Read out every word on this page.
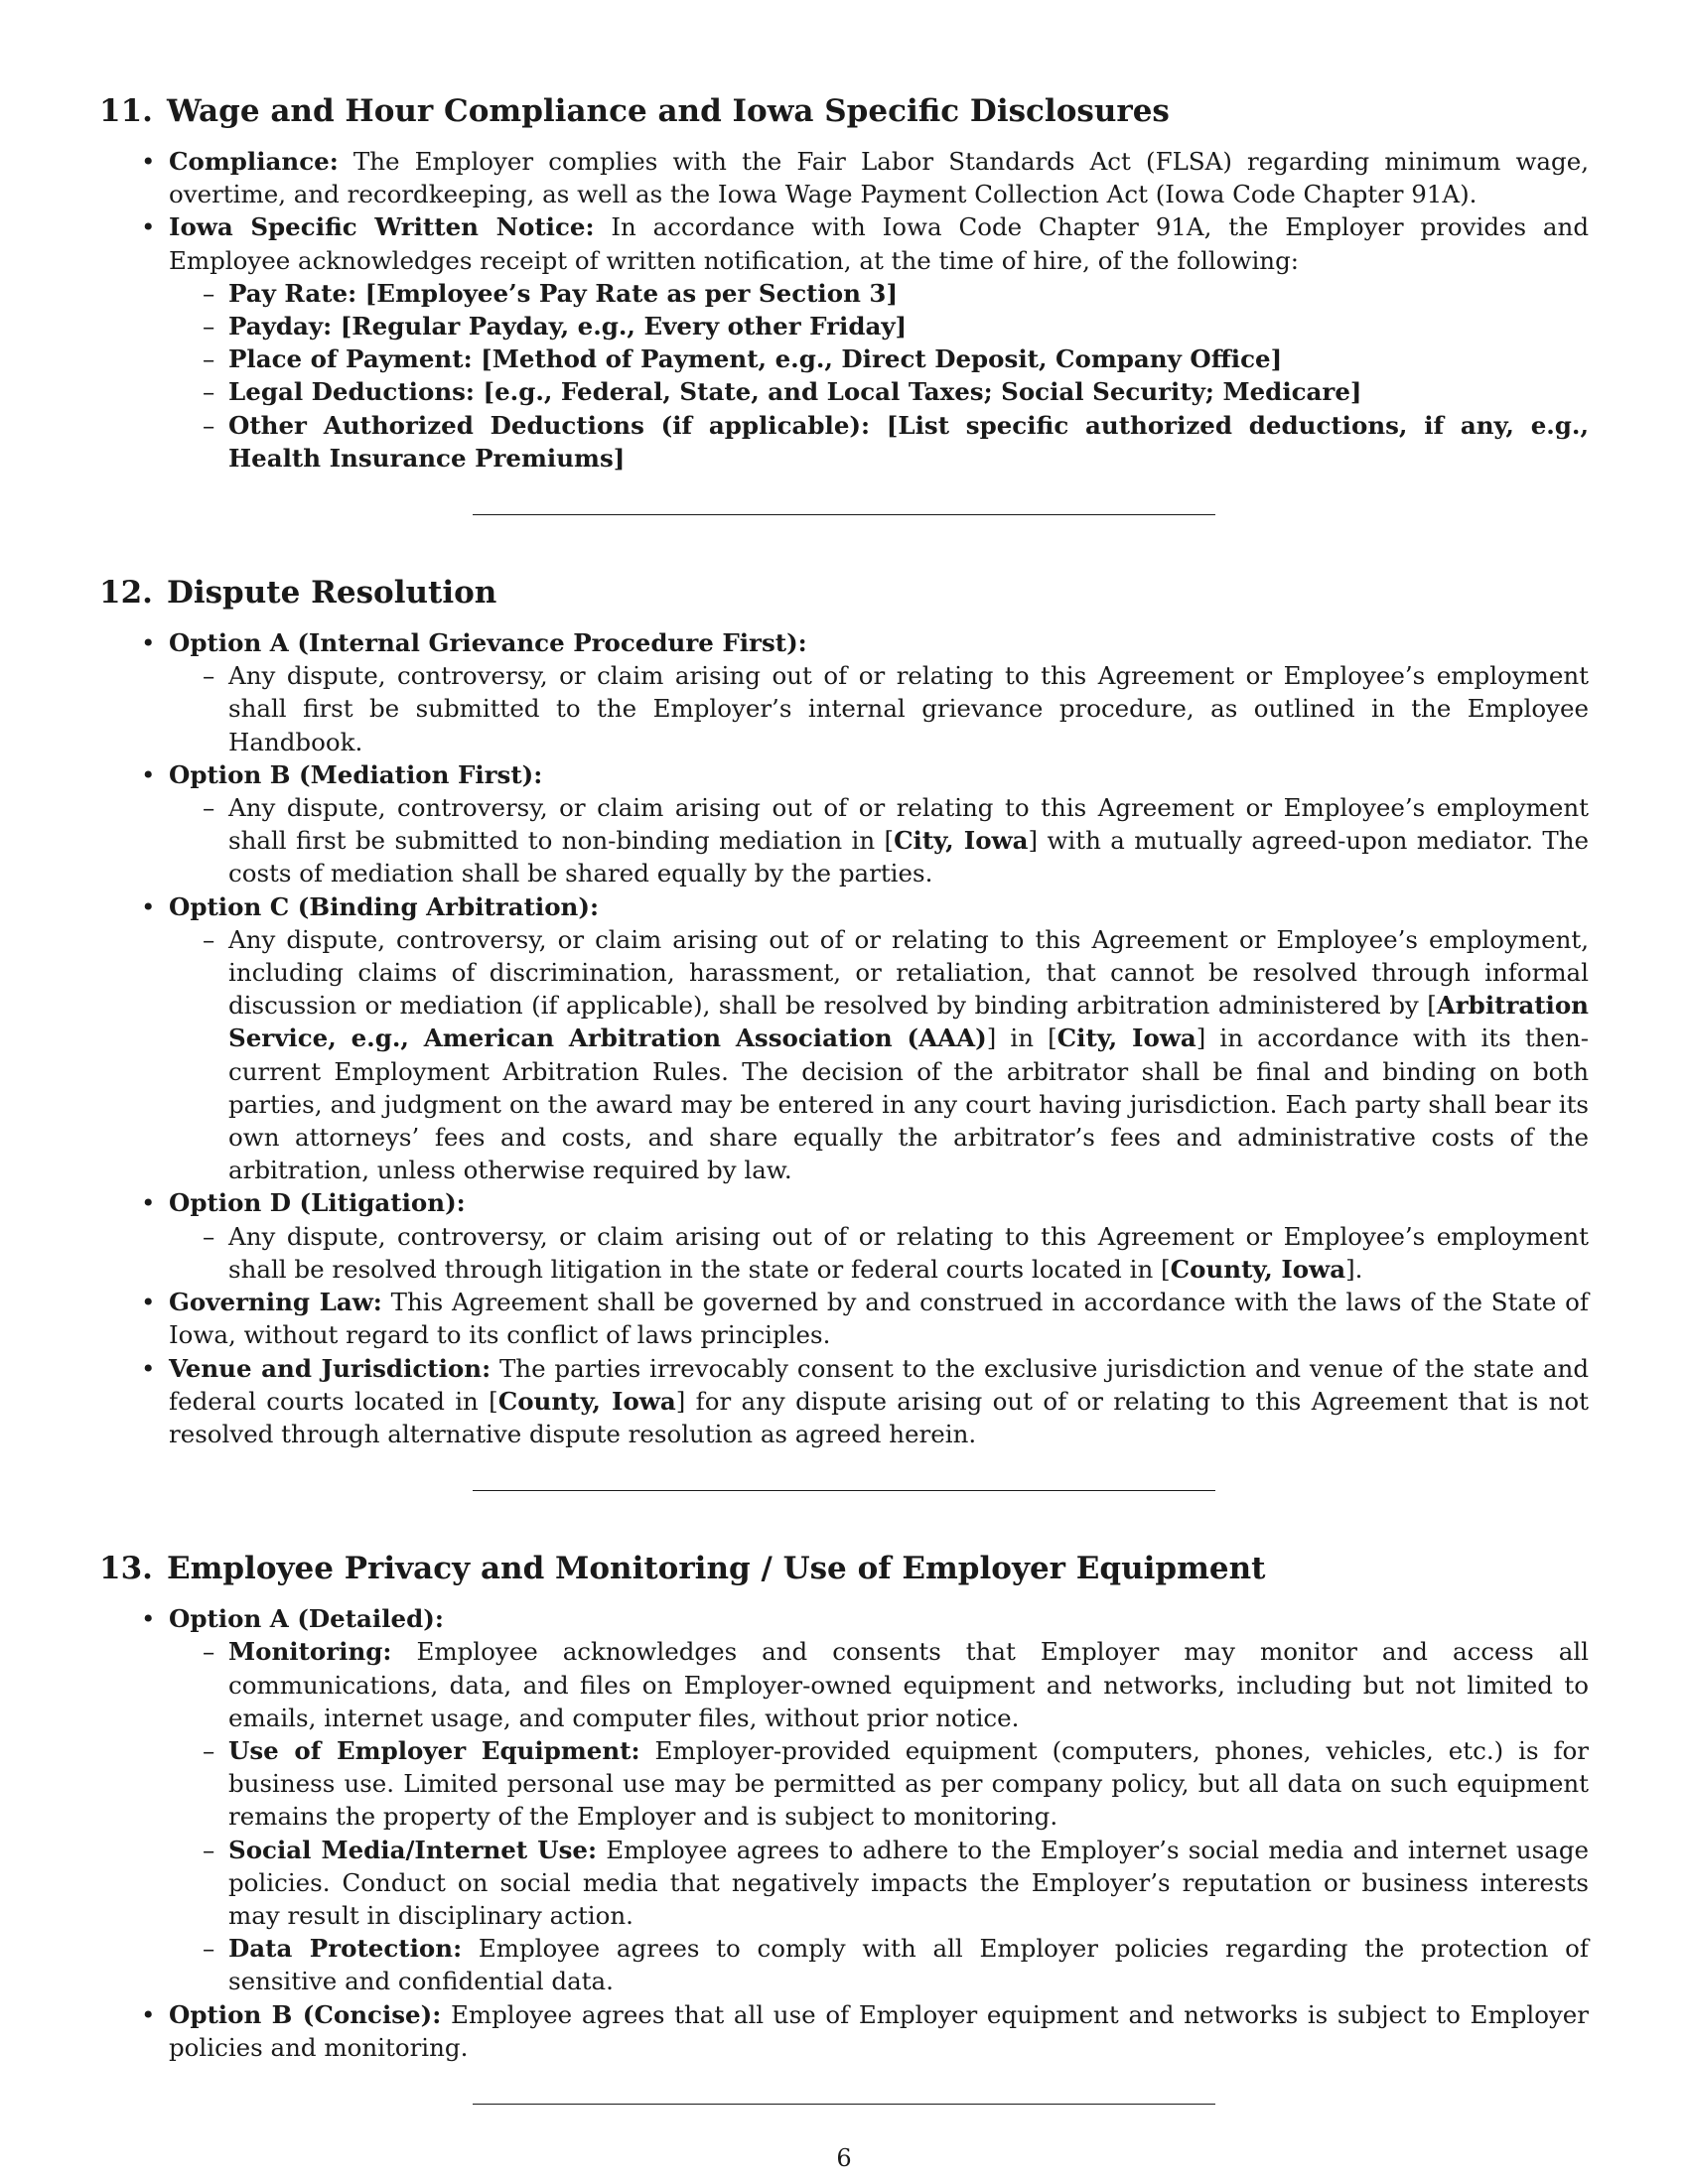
11. Wage and Hour Compliance and Iowa Specific Disclosures
• Compliance: The Employer complies with the Fair Labor Standards Act (FLSA) regarding minimum wage, overtime, and recordkeeping, as well as the Iowa Wage Payment Collection Act (Iowa Code Chapter 91A).
• Iowa Specific Written Notice: In accordance with Iowa Code Chapter 91A, the Employer provides and Employee acknowledges receipt of written notification, at the time of hire, of the following:
– Pay Rate: [Employee’s Pay Rate as per Section 3]
– Payday: [Regular Payday, e.g., Every other Friday]
– Place of Payment: [Method of Payment, e.g., Direct Deposit, Company Office]
– Legal Deductions: [e.g., Federal, State, and Local Taxes; Social Security; Medicare]
– Other Authorized Deductions (if applicable): [List specific authorized deductions, if any, e.g., Health Insurance Premiums]
12. Dispute Resolution
• Option A (Internal Grievance Procedure First):
– Any dispute, controversy, or claim arising out of or relating to this Agreement or Employee’s employment shall first be submitted to the Employer’s internal grievance procedure, as outlined in the Employee Handbook.
• Option B (Mediation First):
– Any dispute, controversy, or claim arising out of or relating to this Agreement or Employee’s employment shall first be submitted to non-binding mediation in [City, Iowa] with a mutually agreed-upon mediator. The costs of mediation shall be shared equally by the parties.
• Option C (Binding Arbitration):
– Any dispute, controversy, or claim arising out of or relating to this Agreement or Employee’s employment, including claims of discrimination, harassment, or retaliation, that cannot be resolved through informal discussion or mediation (if applicable), shall be resolved by binding arbitration administered by [Arbitration Service, e.g., American Arbitration Association (AAA)] in [City, Iowa] in accordance with its then-current Employment Arbitration Rules. The decision of the arbitrator shall be final and binding on both parties, and judgment on the award may be entered in any court having jurisdiction. Each party shall bear its own attorneys’ fees and costs, and share equally the arbitrator’s fees and administrative costs of the arbitration, unless otherwise required by law.
• Option D (Litigation):
– Any dispute, controversy, or claim arising out of or relating to this Agreement or Employee’s employment shall be resolved through litigation in the state or federal courts located in [County, Iowa].
• Governing Law: This Agreement shall be governed by and construed in accordance with the laws of the State of Iowa, without regard to its conflict of laws principles.
• Venue and Jurisdiction: The parties irrevocably consent to the exclusive jurisdiction and venue of the state and federal courts located in [County, Iowa] for any dispute arising out of or relating to this Agreement that is not resolved through alternative dispute resolution as agreed herein.
13. Employee Privacy and Monitoring / Use of Employer Equipment
• Option A (Detailed):
– Monitoring: Employee acknowledges and consents that Employer may monitor and access all communications, data, and files on Employer-owned equipment and networks, including but not limited to emails, internet usage, and computer files, without prior notice.
– Use of Employer Equipment: Employer-provided equipment (computers, phones, vehicles, etc.) is for business use. Limited personal use may be permitted as per company policy, but all data on such equipment remains the property of the Employer and is subject to monitoring.
– Social Media/Internet Use: Employee agrees to adhere to the Employer’s social media and internet usage policies. Conduct on social media that negatively impacts the Employer’s reputation or business interests may result in disciplinary action.
– Data Protection: Employee agrees to comply with all Employer policies regarding the protection of sensitive and confidential data.
• Option B (Concise): Employee agrees that all use of Employer equipment and networks is subject to Employer policies and monitoring.
6
